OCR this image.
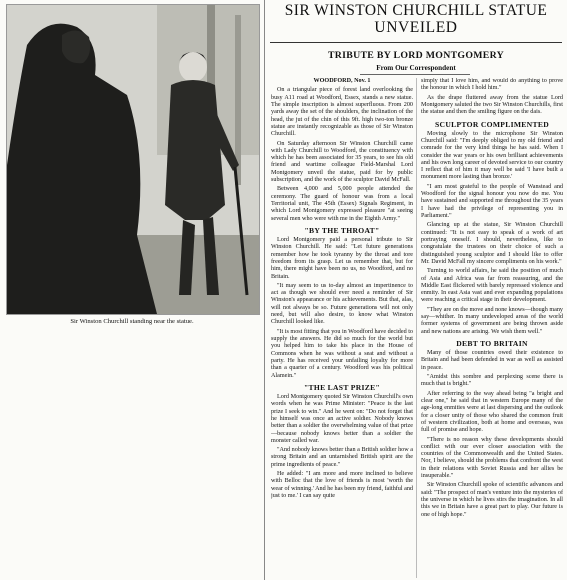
Sir Winston Churchill standing near the statue.
SIR WINSTON CHURCHILL STATUE
UNVEILED
TRIBUTE BY LORD MONTGOMERY
From Our Correspondent

WOODFORD, Nov. 1

On a triangular piece of forest land overlooking the busy A11 road at Woodford, Essex, stands a new statue. The simple inscription is almost superfluous. From 200 yards away the set of the shoulders, the inclination of the head, the jut of the chin of this 9ft. high two-ton bronze statue are instantly recognizable as those of Sir Winston Churchill.

On Saturday afternoon Sir Winston Churchill came with Lady Churchill to Woodford, the constituency with which he has been associated for 35 years, to see his old friend and wartime colleague Field-Marshal Lord Montgomery unveil the statue, paid for by public subscription, and the work of the sculptor David McFall.

Between 4,000 and 5,000 people attended the ceremony. The guard of honour was from a local Territorial unit, The 45th (Essex) Signals Regiment, in which Lord Montgomery expressed pleasure "at seeing several men who were with me in the Eighth Army."

"BY THE THROAT"

Lord Montgomery paid a personal tribute to Sir Winston Churchill. He said: "Let future generations remember how he took tyranny by the throat and tore freedom from its grasp. Let us remember that, but for him, there might have been no us, no Woodford, and no Britain.

"It may seem to us to-day almost an impertinence to act as though we should ever need a reminder of Sir Winston's appearance or his achievements. But that, alas, will not always be so. Future generations will not only need, but will also desire, to know what Winston Churchill looked like.

"It is most fitting that you in Woodford have decided to supply the answers. He did so much for the world but you helped him to take his place in the House of Commons when he was without a seat and without a party. He has received your unfailing loyalty for more than a quarter of a century. Woodford was his political Alamein."

"THE LAST PRIZE"

Lord Montgomery quoted Sir Winston Churchill's own words when he was Prime Minister: "Peace is the last prize I seek to win." And he went on: "Do not forget that he himself was once an active soldier. Nobody knows better than a soldier the overwhelming value of that prize—because nobody knows better than a soldier the monster called war.

"And nobody knows better than a British soldier how a strong Britain and an untarnished British spirit are the prime ingredients of peace."

He added: "I am more and more inclined to believe with Belloc that the love of friends is most 'worth the wear of winning.' And he has been my friend, faithful and just to me.' I can say quite

simply that I love him, and would do anything to prove the honour in which I hold him."

As the drape fluttered away from the statue Lord Montgomery saluted the two Sir Winston Churchills, first the statue and then the smiling figure on the dais.

SCULPTOR COMPLIMENTED

Moving slowly to the microphone Sir Winston Churchill said: "I'm deeply obliged to my old friend and comrade for the very kind things he has said. When I consider the war years or his own brilliant achievements and his own long career of devoted service to our country I reflect that of him it may well be said 'I have built a monument more lasting than bronze.'

"I am most grateful to the people of Wanstead and Woodford for the signal honour you now do me. You have sustained and supported me throughout the 35 years I have had the privilege of representing you in Parliament."

Glancing up at the statue, Sir Winston Churchill continued: "It is not easy to speak of a work of art portraying oneself. I should, nevertheless, like to congratulate the trustees on their choice of such a distinguished young sculptor and I should like to offer Mr. David McFall my sincere compliments on his work."

Turning to world affairs, he said the position of much of Asia and Africa was far from reassuring, and the Middle East flickered with barely repressed violence and enmity. In east Asia vast and ever expanding populations were reaching a critical stage in their development.

"They are on the move and none knows—though many say—whither. In many undeveloped areas of the world former systems of government are being thrown aside and new nations are arising. We wish them well."

DEBT TO BRITAIN

Many of those countries owed their existence to Britain and had been defended in war as well as assisted in peace.

"Amidst this sombre and perplexing scene there is much that is bright."

After referring to the way ahead being "a bright and clear one," he said that in western Europe many of the age-long enmities were at last dispersing and the outlook for a closer unity of those who shared the common fruit of western civilization, both at home and overseas, was full of promise and hope.

"There is no reason why these developments should conflict with our ever closer association with the countries of the Commonwealth and the United States. Nor, I believe, should the problems that confront the west in their relations with Soviet Russia and her allies be insuperable."

Sir Winston Churchill spoke of scientific advances and said: "The prospect of man's venture into the mysteries of the universe in which he lives stirs the imagination. In all this we in Britain have a great part to play. Our future is one of high hope."
